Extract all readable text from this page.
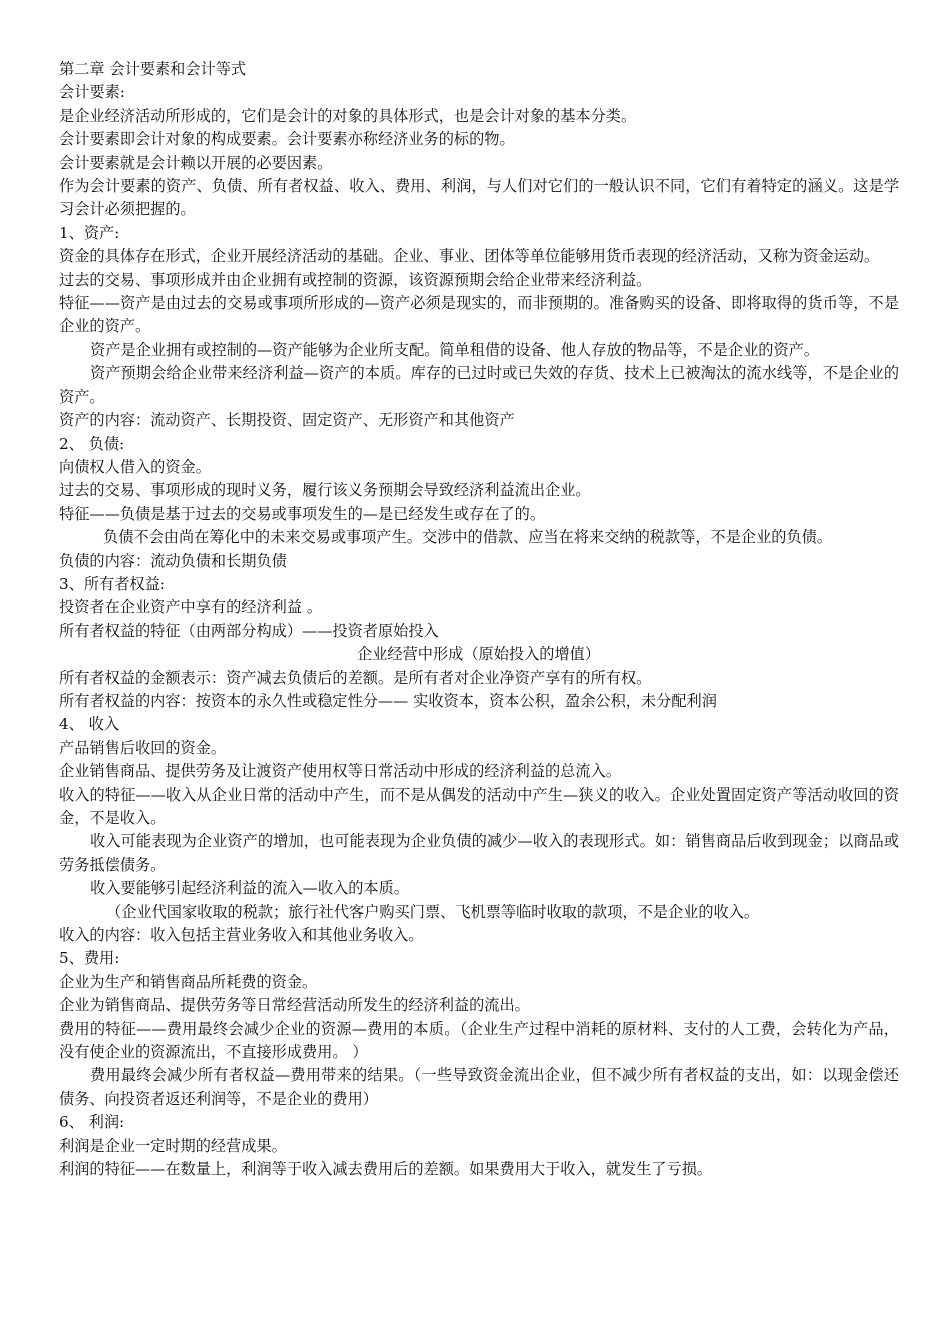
第二章 会计要素和会计等式
会计要素:
是企业经济活动所形成的，它们是会计的对象的具体形式，也是会计对象的基本分类。
会计要素即会计对象的构成要素。会计要素亦称经济业务的标的物。
会计要素就是会计赖以开展的必要因素。
作为会计要素的资产、负债、所有者权益、收入、费用、利润，与人们对它们的一般认识不同，它们有着特定的涵义。这是学习会计必须把握的。
1、资产:
资金的具体存在形式，企业开展经济活动的基础。企业、事业、团体等单位能够用货币表现的经济活动，又称为资金运动。
过去的交易、事项形成并由企业拥有或控制的资源，该资源预期会给企业带来经济利益。
特征——资产是由过去的交易或事项所形成的—资产必须是现实的，而非预期的。准备购买的设备、即将取得的货币等，不是企业的资产。
资产是企业拥有或控制的—资产能够为企业所支配。简单租借的设备、他人存放的物品等，不是企业的资产。
资产预期会给企业带来经济利益—资产的本质。库存的已过时或已失效的存货、技术上已被淘汰的流水线等，不是企业的资产。
资产的内容：流动资产、长期投资、固定资产、无形资产和其他资产
2、 负债:
向债权人借入的资金。
过去的交易、事项形成的现时义务，履行该义务预期会导致经济利益流出企业。
特征——负债是基于过去的交易或事项发生的—是已经发生或存在了的。
负债不会由尚在筹化中的未来交易或事项产生。交涉中的借款、应当在将来交纳的税款等，不是企业的负债。
负债的内容：流动负债和长期负债
3、所有者权益:
投资者在企业资产中享有的经济利益 。
所有者权益的特征（由两部分构成）——投资者原始投入
企业经营中形成（原始投入的增值）
所有者权益的金额表示：资产减去负债后的差额。是所有者对企业净资产享有的所有权。
所有者权益的内容：按资本的永久性或稳定性分—— 实收资本，资本公积，盈余公积，未分配利润
4、 收入
产品销售后收回的资金。
企业销售商品、提供劳务及让渡资产使用权等日常活动中形成的经济利益的总流入。
收入的特征——收入从企业日常的活动中产生，而不是从偶发的活动中产生—狭义的收入。企业处置固定资产等活动收回的资金，不是收入。
收入可能表现为企业资产的增加，也可能表现为企业负债的减少—收入的表现形式。如：销售商品后收到现金；以商品或劳务抵偿债务。
收入要能够引起经济利益的流入—收入的本质。
（企业代国家收取的税款；旅行社代客户购买门票、飞机票等临时收取的款项，不是企业的收入。
收入的内容：收入包括主营业务收入和其他业务收入。
5、费用:
企业为生产和销售商品所耗费的资金。
企业为销售商品、提供劳务等日常经营活动所发生的经济利益的流出。
费用的特征——费用最终会减少企业的资源—费用的本质。（企业生产过程中消耗的原材料、支付的人工费，会转化为产品，没有使企业的资源流出，不直接形成费用。 ）
费用最终会减少所有者权益—费用带来的结果。（一些导致资金流出企业，但不减少所有者权益的支出，如：以现金偿还债务、向投资者返还利润等，不是企业的费用）
6、 利润:
利润是企业一定时期的经营成果。
利润的特征——在数量上，利润等于收入减去费用后的差额。如果费用大于收入，就发生了亏损。
